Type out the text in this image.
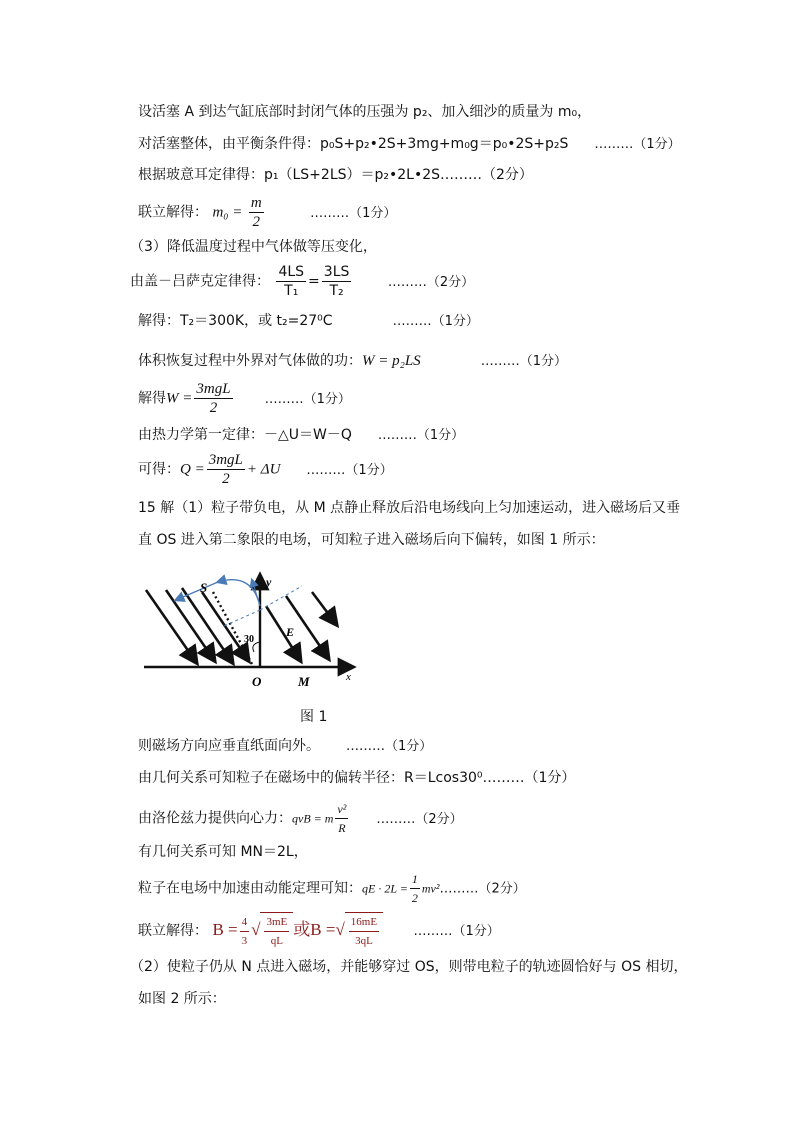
设活塞 A 到达气缸底部时封闭气体的压强为 p₂、加入细沙的质量为 m₀，
对活塞整体，由平衡条件得：p₀S+p₂•2S+3mg+m₀g＝p₀•2S+p₂S ………（1分）
根据玻意耳定律得：p₁（LS+2LS）＝p₂•2L•2S………（2分）
联立解得： $m_0 = \frac{m}{2}$	………（1分）
（3）降低温度过程中气体做等压变化，
由盖－吕萨克定律得： $\frac{4LS}{\text{T₁}} = \frac{3LS}{\text{T₂}}$	………（2分）
解得：T₂＝300K，或 t₂=27⁰C	………（1分）
体积恢复过程中外界对气体做的功：W = p₂LS	………（1分）
解得$W = \frac{\text{3mgL}}{2}$ ………（1分）
由热力学第一定律：－△U＝W－Q ………（1分）
可得：$Q = \frac{\text{3mgL}}{2} + \Delta U$ ………（1分）
15 解（1）粒子带负电，从 M 点静止释放后沿电场线向上匀加速运动，进入磁场后又垂
直 OS 进入第二象限的电场，可知粒子进入磁场后向下偏转，如图 1 所示：
S	y
E
30
O	M	x
图 1
则磁场方向应垂直纸面向外。 ………（1分）
由几何关系可知粒子在磁场中的偏转半径：R＝Lcos30⁰………（1分）
由洛伦兹力提供向心力：qvB = m $\frac{\text{v²}}{R}$ ………（2分）
有几何关系可知 MN＝2L，
粒子在电场中加速由动能定理可知：qE · $2L = \frac{1}{2}$ mv²………（2分）
联立解得： $B = \frac{4}{3}$ √ $\frac{3mE}{qL}$ 或B =√ $\frac{16mE}{3qL}$	………（1分）
（2）使粒子仍从 N 点进入磁场，并能够穿过 OS，则带电粒子的轨迹圆恰好与 OS 相切，
如图 2 所示：
